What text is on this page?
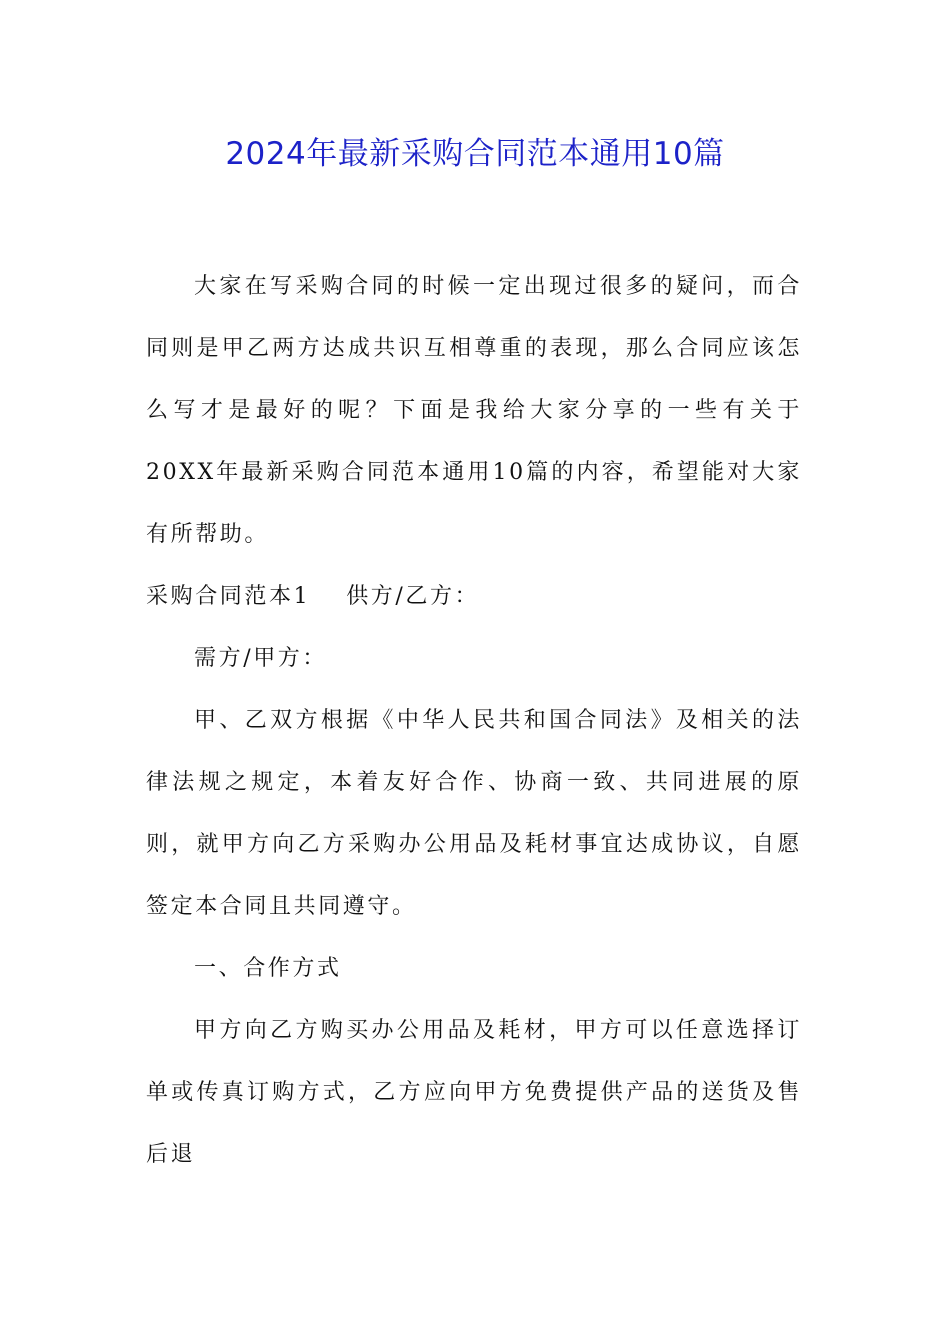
2024年最新采购合同范本通用10篇

大家在写采购合同的时候一定出现过很多的疑问，而合同则是甲乙两方达成共识互相尊重的表现，那么合同应该怎么写才是最好的呢？下面是我给大家分享的一些有关于20XX年最新采购合同范本通用10篇的内容，希望能对大家有所帮助。

采购合同范本1 供方/乙方：

需方/甲方：

甲、乙双方根据《中华人民共和国合同法》及相关的法律法规之规定，本着友好合作、协商一致、共同进展的原则，就甲方向乙方采购办公用品及耗材事宜达成协议，自愿签定本合同且共同遵守。

一、合作方式

甲方向乙方购买办公用品及耗材，甲方可以任意选择订单或传真订购方式，乙方应向甲方免费提供产品的送货及售后退
